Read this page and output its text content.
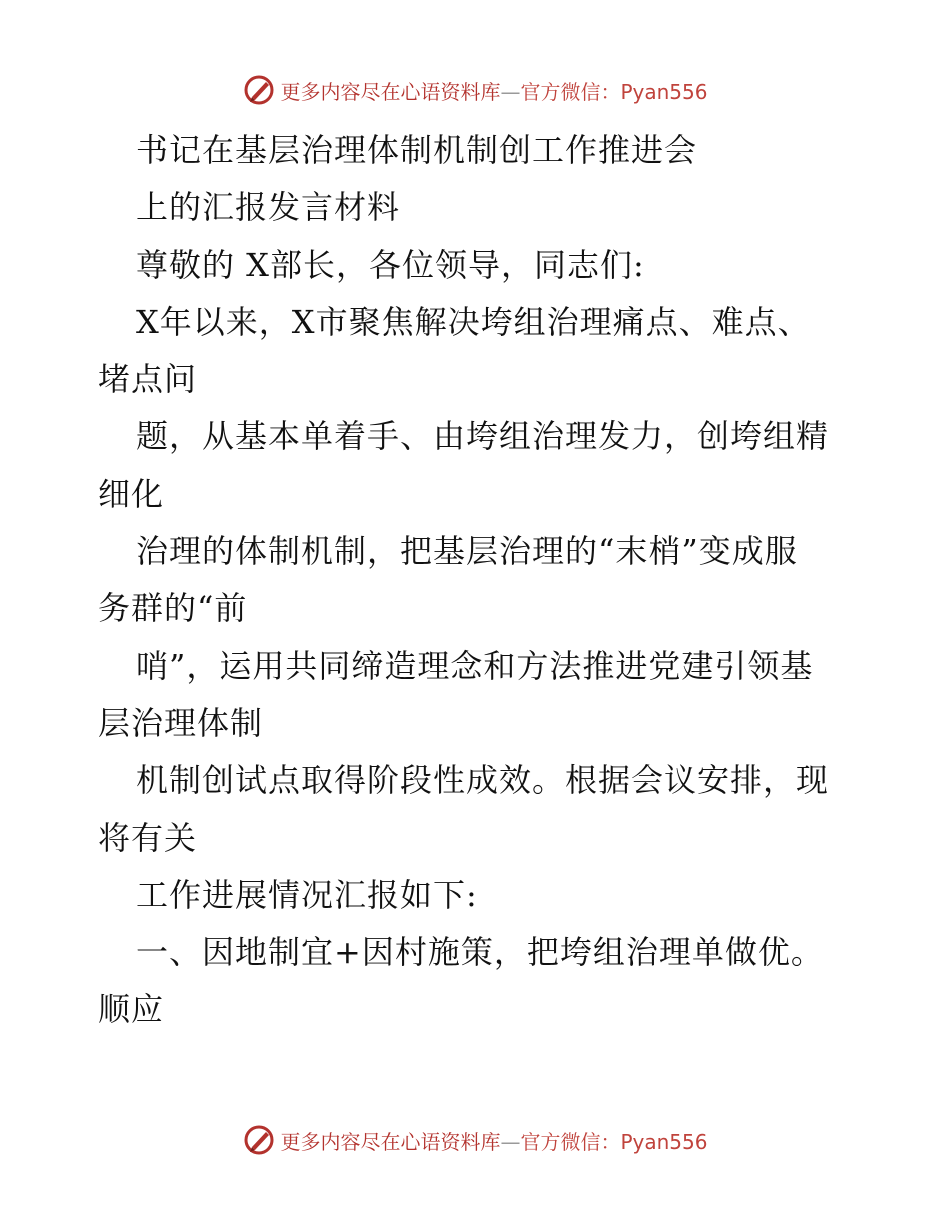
更多内容尽在心语资料库—官方微信：Pyan556
书记在基层治理体制机制创工作推进会
上的汇报发言材料
尊敬的 X部长，各位领导，同志们:
X年以来，X市聚焦解决垮组治理痛点、难点、
堵点问
题，从基本单着手、由垮组治理发力，创垮组精
细化
治理的体制机制，把基层治理的“末梢”变成服
务群的“前
哨”，运用共同缔造理念和方法推进党建引领基
层治理体制
机制创试点取得阶段性成效。根据会议安排，现
将有关
工作进展情况汇报如下:
一、因地制宜+因村施策，把垮组治理单做优。
顺应
更多内容尽在心语资料库—官方微信：Pyan556
